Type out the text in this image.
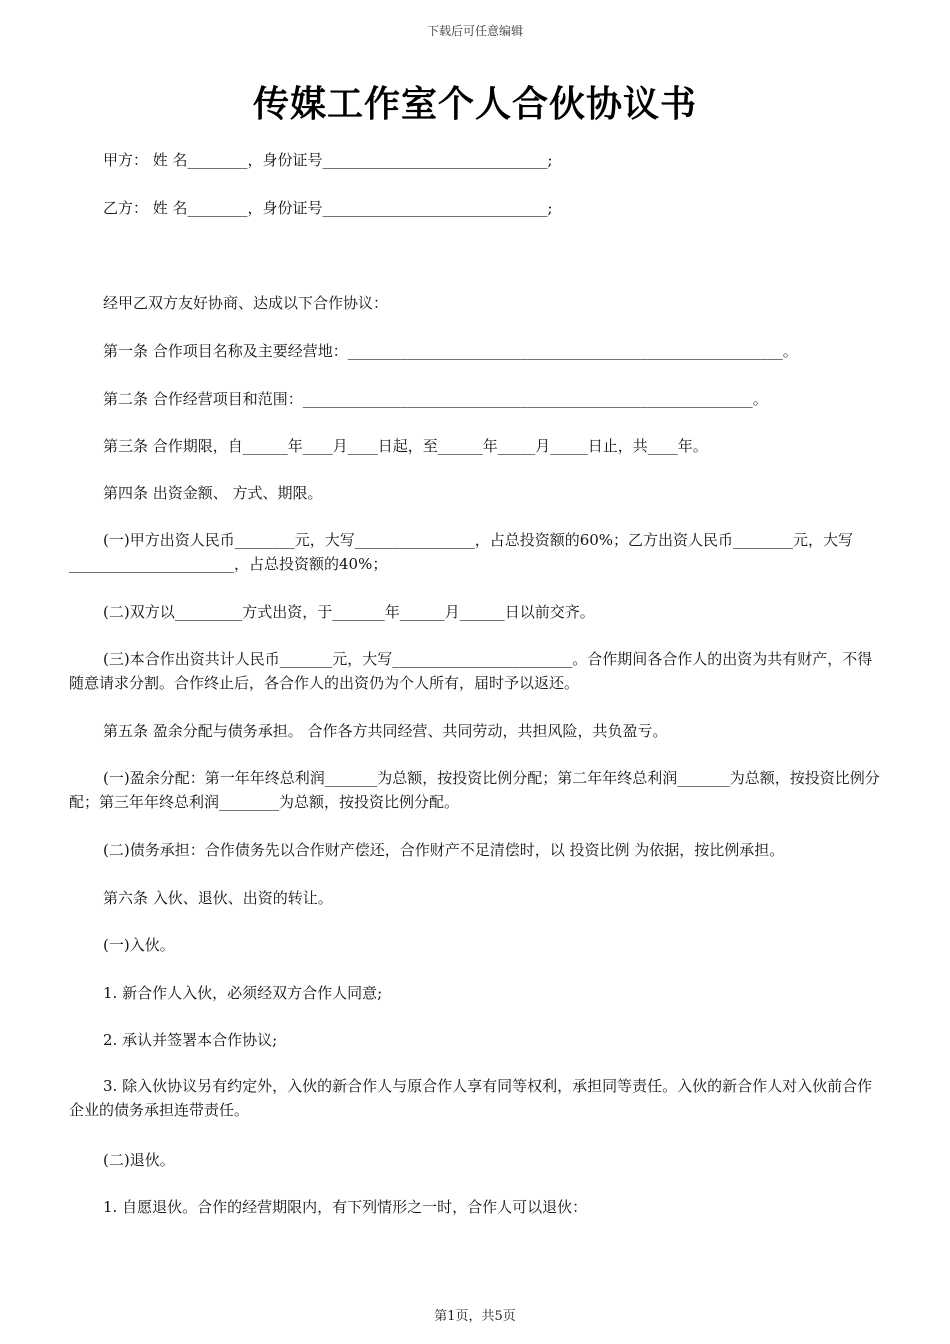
下载后可任意编辑
传媒工作室个人合伙协议书
甲方： 姓 名________，身份证号______________________________;
乙方： 姓 名________，身份证号______________________________;
经甲乙双方友好协商、达成以下合作协议：
第一条 合作项目名称及主要经营地：__________________________________________________________。
第二条 合作经营项目和范围：____________________________________________________________。
第三条 合作期限，自______年____月____日起，至______年_____月_____日止，共____年。
第四条 出资金额、 方式、期限。
(一)甲方出资人民币________元，大写________________，占总投资额的60%；乙方出资人民币________元，大写______________________，占总投资额的40%；
(二)双方以_________方式出资，于_______年______月______日以前交齐。
(三)本合作出资共计人民币_______元，大写________________________。合作期间各合作人的出资为共有财产，不得随意请求分割。合作终止后，各合作人的出资仍为个人所有，届时予以返还。
第五条 盈余分配与债务承担。 合作各方共同经营、共同劳动，共担风险，共负盈亏。
(一)盈余分配：第一年年终总利润_______为总额，按投资比例分配；第二年年终总利润_______为总额，按投资比例分配；第三年年终总利润________为总额，按投资比例分配。
(二)债务承担：合作债务先以合作财产偿还，合作财产不足清偿时，以 投资比例 为依据，按比例承担。
第六条 入伙、退伙、出资的转让。
(一)入伙。
1. 新合作人入伙，必须经双方合作人同意;
2. 承认并签署本合作协议;
3. 除入伙协议另有约定外，入伙的新合作人与原合作人享有同等权利，承担同等责任。入伙的新合作人对入伙前合作企业的债务承担连带责任。
(二)退伙。
1. 自愿退伙。合作的经营期限内，有下列情形之一时，合作人可以退伙：
第1页，共5页
